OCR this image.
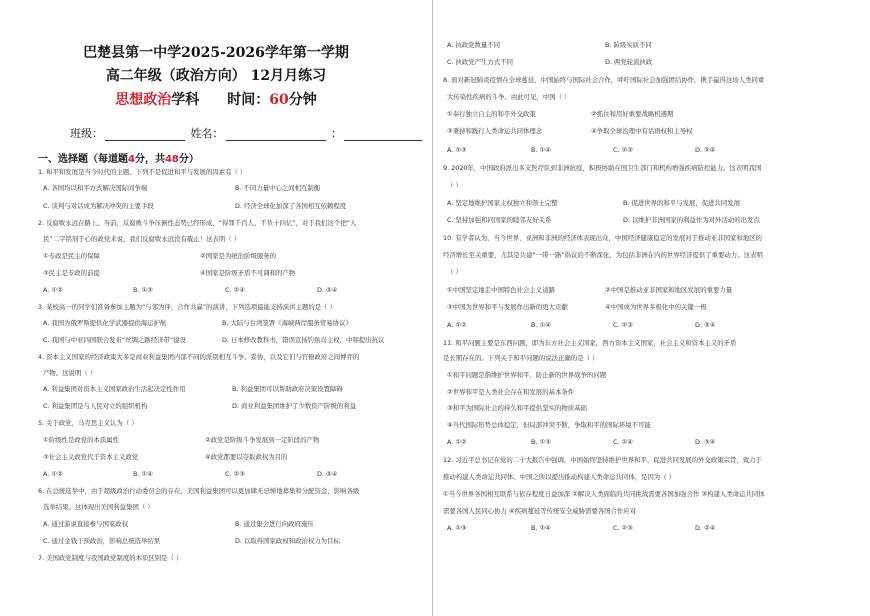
巴楚县第一中学2025-2026学年第一学期
高二年级（政治方向） 12月月练习
思想政治学科 时间：60分钟
班级：	姓名：	：
一、选择题（每道题4分，共48分）
1. 和平和发展是当今时代的主题。下列不是促进和平与发展的因素有（ ）
A. 各国均以和平方式解决国际间争端	B. 不同力量中心之间相互制衡
C. 谈判与对话成为解决冲突的主要手段	D. 经济全球化加深了各国相互依赖程度
2. 反腐败永远在路上。当前，反腐败斗争压倒性态势已经形成，“得罪千百人，不负十四亿”，对于我们这个把“人
民”二字铭刻于心的政党来说，我们反腐败永远没有截止！这表明（ ）
①专政是民主的保障	②国家是为统治阶级服务的
③民主是专政的前提	④国家是阶级矛盾不可调和的产物
A. ①②	B. ①③	C. ②④	D. ③④
3. 某校高一的同学们准备参加主题为“与邻为伴，合作共赢”的演讲，下列选项最能支持演讲主题的是（ ）
A. 我国为俄罗斯提供化学武器提供海运护航	B. 大陆与台湾签署《海峡两岸服务贸易协议》
C. 我国与中亚四国联合发布“丝绸之路经济带”建设	D. 日本修改教科书，错误宣扬钓鱼岛主权，中韩提出抗议
4. 资本主义国家的经济政策大多是商业利益集团内部不同的派别相互斗争、妥协，以及它们与官僚政府之间博弈的
产物。这说明（ ）
A. 利益集团对资本主义国家政治生活起决定性作用	B. 利益集团可以帮助政府决策设置障碍
C. 利益集团是与人民对立的组织机构	D. 商业利益集团维护了少数资产阶级的利益
5. 关于政党，马克思主义认为（ ）
①阶级性是政党的本质属性	②政党是阶级斗争发展到一定阶段的产物
③社会主义政党代于资本主义政党	④政党都要以夺取政权为目的
A. ①②	B. ①④	C. ②③	D. ③④
6. 在总统选举中，由于超级政治行动委员会的存在，美国利益集团可以更加肆无忌惮地募集和分配资金，影响各级
选举结果。这体现出美国利益集团（ ）
A. 通过游说直接参与国家政权	B. 通过集会进行向政府施压
C. 通过金钱干预政治，影响总统选举结果	D. 以取得国家政权和政治权力为目标
7. 美国政党制度与我国政党制度的本质区别是（ ）
A. 执政党数量不同	B. 阶级实质不同
C. 执政党产生方式不同	D. 两党轮流执政
8. 面对新冠肺炎疫情在全球蔓延，中国始终与国际社会合作，呼吁国际社会加强团结协作，携手赢得这场人类同重
大传染性疾病的斗争。由此可见，中国（ ）
①奉行独立自主的和平外交政策	②抓住和用好重要战略机遇期
③秉持和践行人类命运共同体理念	④争取全球治理中有话语权和主导权
A. ①③	B. ①④	C. ②③	D. ②④
9. 2020年，中国政府派出多支医疗队到非洲抗疫，积极协助在国卫生部门和机构增强疾病防控能力。这表明我国
（ ）
A. 坚定地维护国家主权独立和领土完整	B. 促进世界的和平与发展，促进共同发展
C. 坚持加强和同国家的睦邻友好关系	D. 以维护非洲国家的利益作为对外活动的出发点
10. 有学者认为，当今世界，亚洲和非洲的经济体表现出众，中国经济健康稳定的发展对于推动亚非国家和地区的
经济增长至关重要，尤其是共建“一带一路”倡议的不断深化，为包括非洲在内的世界经济提供了重要动力。这表明
（ ）
①中国坚定地走中国特色社会主义道路	②中国是推动亚非国家和地区发展的重要力量
③中国为世界和平与发展作出新的更大贡献	④中国成为世界多极化中的关键一极
A. ①②	B. ①④	C. ②③	D. ③④
11. 和平问题主要是东西问题，即为东方社会主义国家，西方资本主义国家，社会主义和资本主义的矛盾
是长期存在的。下列关于和平问题的说法正确的是（ ）
①和平问题是指维护世界和平、防止新的世界战争的问题
②世界和平是人类社会存在和发展的基本条件
③和平为国际社会的持久和平提供坚实的物质基础
④当代国际形势总体稳定，但局部冲突不断，争取和平的国际环境不可能
A. ①②	B. ①③	C. ②④	D. ③④
12. 习近平总书记在党的二十大报告中强调，中国始终坚持维护世界和平、促进共同发展的外交政策宗旨，致力于
推动构建人类命运共同体。中国之所以提出推动构建人类命运共同体，是因为（ ）
①当今世界各国相互联系与依存程度日益加深 ②解决人类面临的共同挑战需要各国加强合作 ③构建人类命运共同体
需要各国人民同心协力 ④疾病蔓延等传统安全威胁需要各国合作应对
A. ①③	B. ①④	C. ②③	D. ②④
